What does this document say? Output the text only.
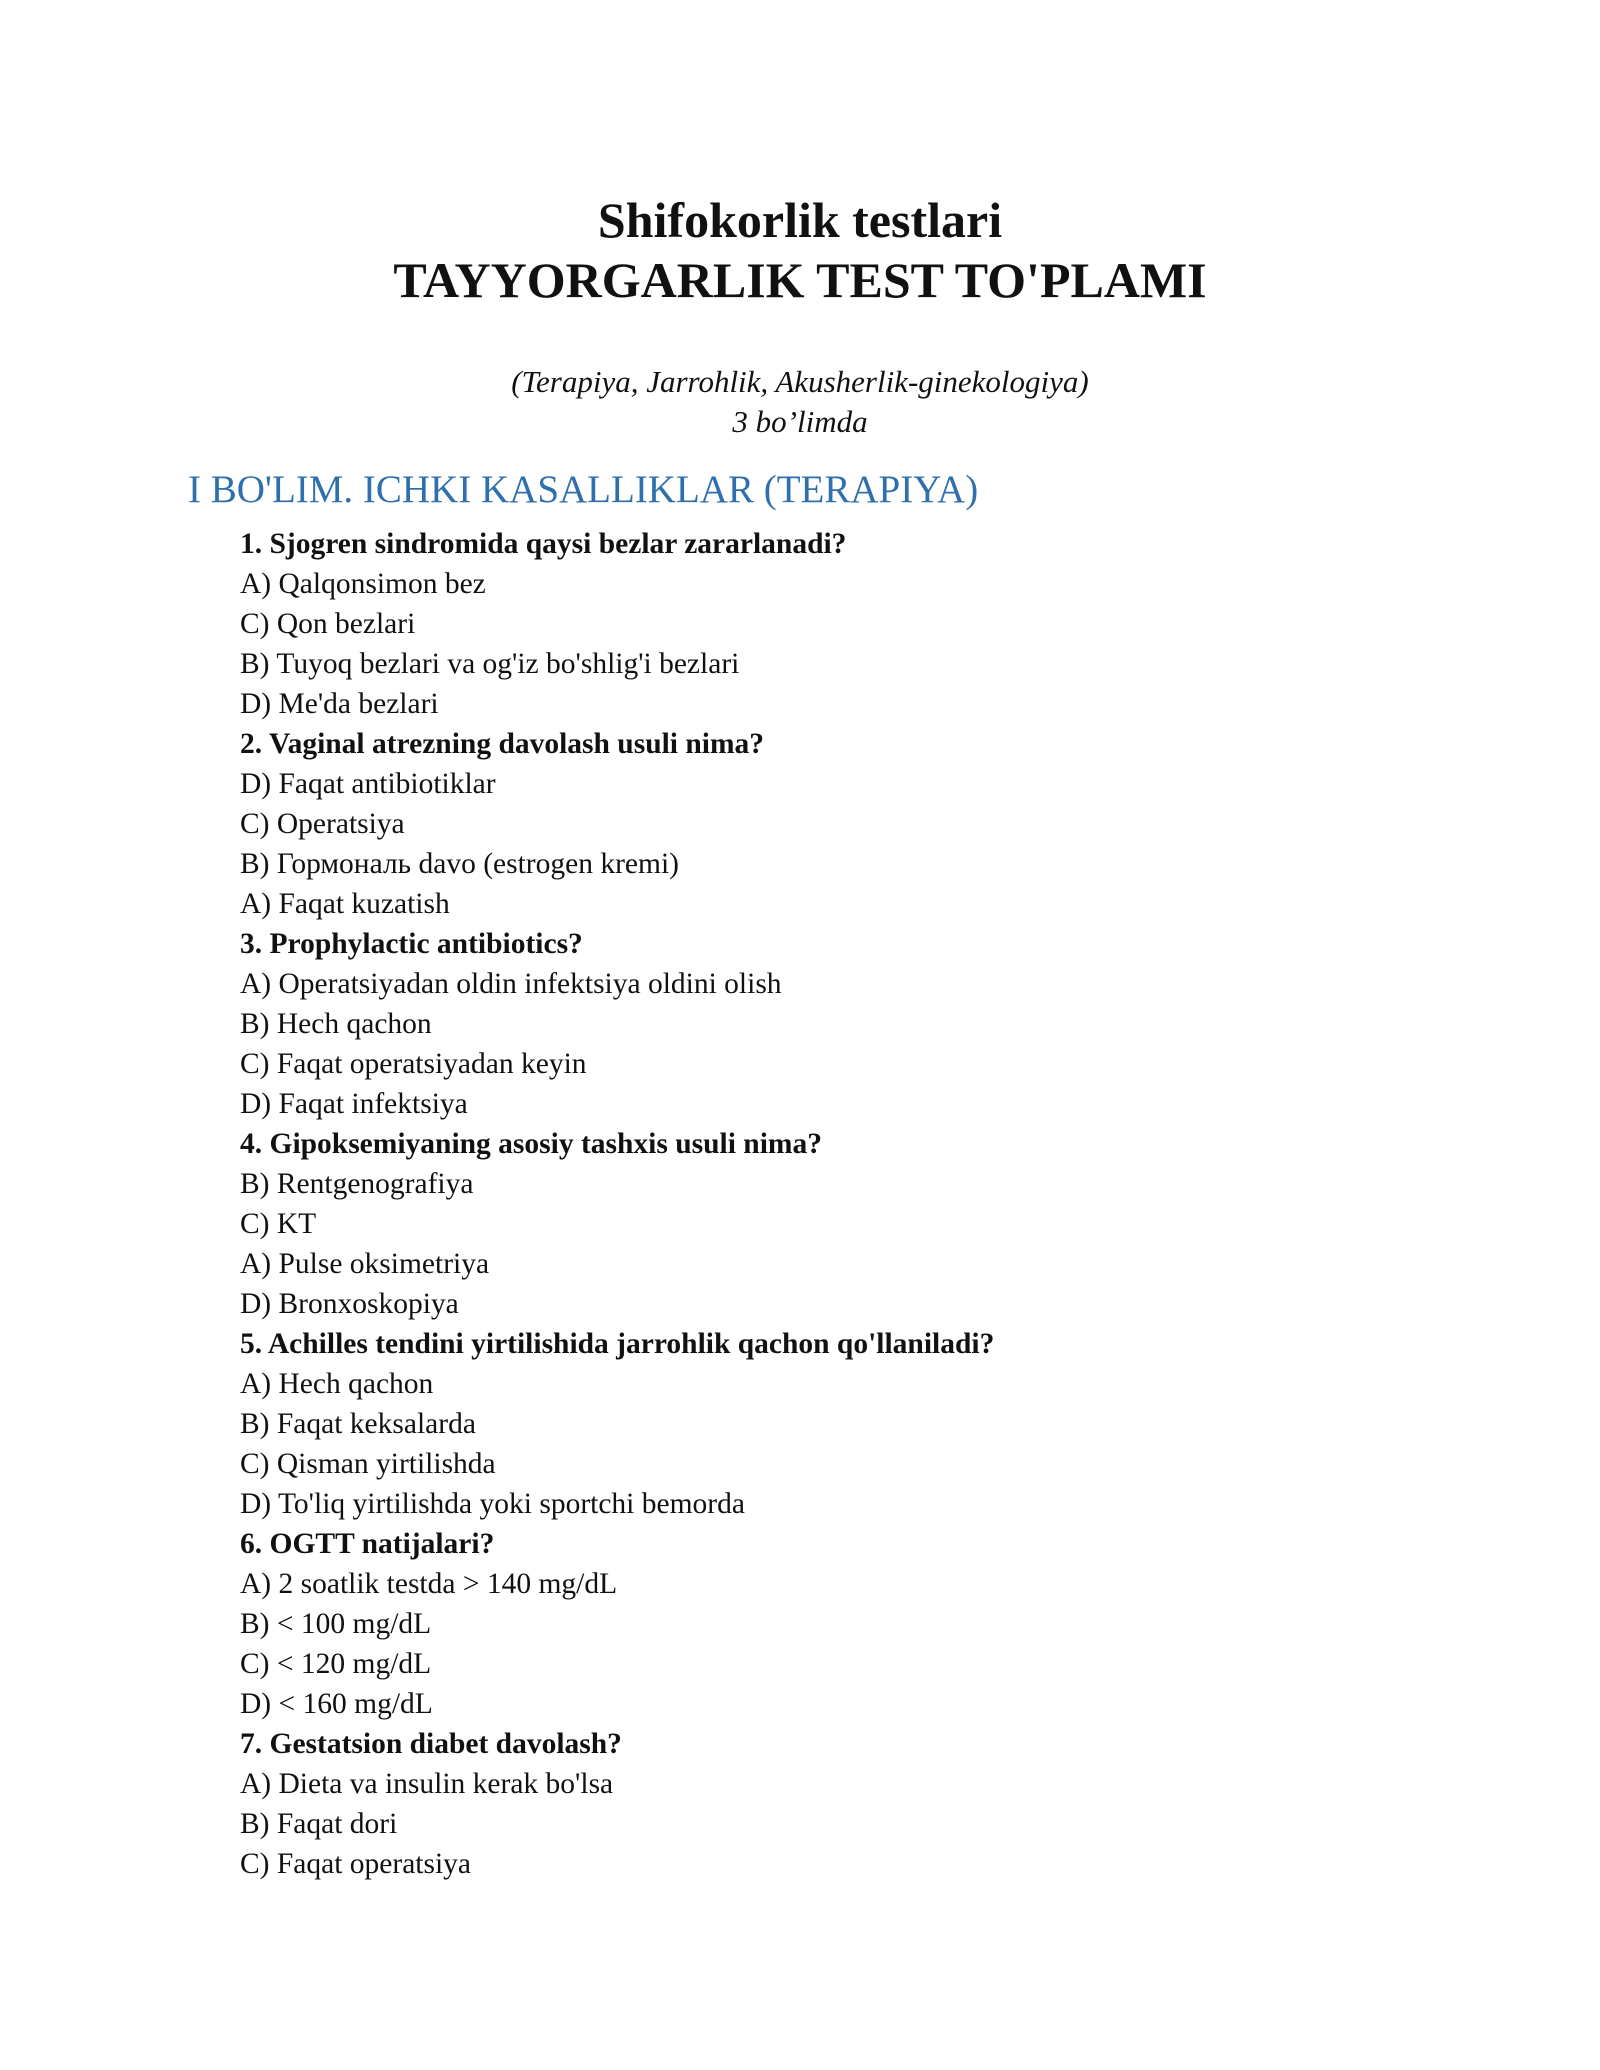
Shifokorlik testlari
TAYYORGARLIK TEST TO'PLAMI
(Terapiya, Jarrohlik, Akusherlik-ginekologiya)
3 bo’limda
I BO'LIM. ICHKI KASALLIKLAR (TERAPIYA)
1. Sjogren sindromida qaysi bezlar zararlanadi?
A) Qalqonsimon bez
C) Qon bezlari
B) Tuyoq bezlari va og'iz bo'shlig'i bezlari
D) Me'da bezlari
2. Vaginal atrezning davolash usuli nima?
D) Faqat antibiotiklar
C) Operatsiya
B) Гормональ davo (estrogen kremi)
A) Faqat kuzatish
3. Prophylactic antibiotics?
A) Operatsiyadan oldin infektsiya oldini olish
B) Hech qachon
C) Faqat operatsiyadan keyin
D) Faqat infektsiya
4. Gipoksemiyaning asosiy tashxis usuli nima?
B) Rentgenografiya
C) KT
A) Pulse oksimetriya
D) Bronxoskopiya
5. Achilles tendini yirtilishida jarrohlik qachon qo'llaniladi?
A) Hech qachon
B) Faqat keksalarda
C) Qisman yirtilishda
D) To'liq yirtilishda yoki sportchi bemorda
6. OGTT natijalari?
A) 2 soatlik testda > 140 mg/dL
B) < 100 mg/dL
C) < 120 mg/dL
D) < 160 mg/dL
7. Gestatsion diabet davolash?
A) Dieta va insulin kerak bo'lsa
B) Faqat dori
C) Faqat operatsiya
